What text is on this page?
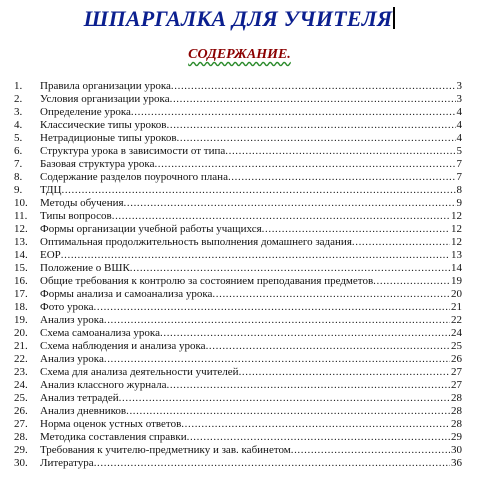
ШПАРГАЛКА ДЛЯ УЧИТЕЛЯ
СОДЕРЖАНИЕ.
1.	Правила организации урока .....	3
2.	Условия организации урока .....	3
3.	Определение урока .....	4
4.	Классические типы уроков .....	4
5.	Нетрадиционые типы уроков .....	4
6.	Структура урока в зависимости от типа .....	5
7.	Базовая структура урока .....	7
8.	Содержание разделов поурочного плана .....	7
9.	ТДЦ .....	8
10.	Методы обучения .....	9
11.	Типы вопросов .....	12
12.	Формы организации учебной работы учащихся .....	12
13.	Оптимальная продолжительность выполнения домашнего задания .....	12
14.	ЕОР .....	13
15.	Положение о ВШК .....	14
16.	Общие требования к контролю за состоянием преподавания предметов .....	19
17.	Формы анализа и самоанализа урока .....	20
18.	Фото урока .....	21
19.	Анализ урока .....	22
20.	Схема самоанализа урока .....	24
21.	Схема наблюдения и анализа урока .....	25
22.	Анализ урока .....	26
23.	Схема для анализа деятельности учителей .....	27
24.	Анализ классного журнала .....	27
25.	Анализ тетрадей .....	28
26.	Анализ дневников .....	28
27.	Норма оценок устных ответов .....	28
28.	Методика составления справки .....	29
29.	Требования к учителю-предметнику и зав. кабинетом .....	30
30.	Литература .....	36
